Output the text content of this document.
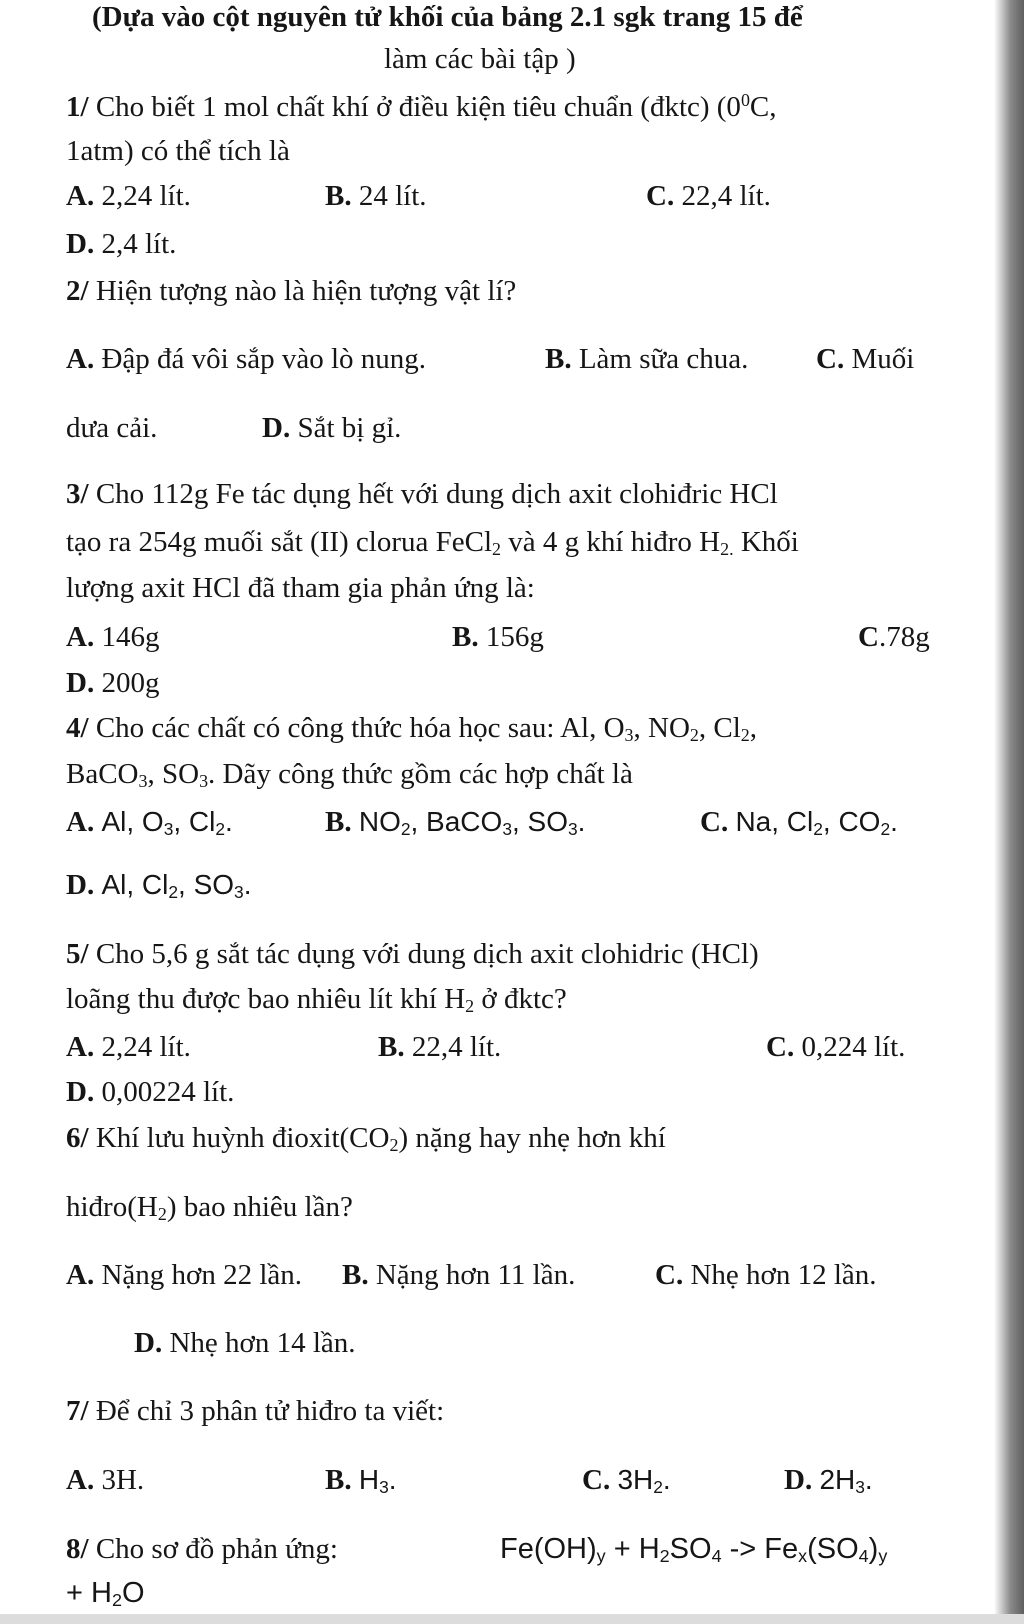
(Dựa vào cột nguyên tử khối của bảng 2.1 sgk trang 15 để
làm các bài tập )
1/ Cho biết 1 mol chất khí ở điều kiện tiêu chuẩn (đktc) ($0^0C$,
1atm) có thể tích là
A. 2,24 lít.	B. 24 lít.	C. 22,4 lít.
D. 2,4 lít.
2/ Hiện tượng nào là hiện tượng vật lí?
A. Đập đá vôi sắp vào lò nung.	B. Làm sữa chua. C. Muối
dưa cải.	D. Sắt bị gỉ.
3/ Cho 112g Fe tác dụng hết với dung dịch axit clohiđric HCl
tạo ra 254g muối sắt (II) clorua FeCl$_2$ và 4 g khí hiđro $H_{2.}$ Khối
lượng axit HCl đã tham gia phản ứng là:
A. 146g	B. 156g	C.78g
D. 200g
4/ Cho các chất có công thức hóa học sau: Al, $O_3$, $NO_2$, $Cl_2$,
BaCO$_3$, $SO_3$. Dãy công thức gồm các hợp chất là
A. Al, $O_3$, $Cl_2$.	B. $NO_2$, BaCO$_3$, $SO_3$.	C. Na, $Cl_2$, $CO_2$.
D. Al, $Cl_2$, $SO_3$.
5/ Cho 5,6 g sắt tác dụng với dung dịch axit clohidric (HCl)
loãng thu được bao nhiêu lít khí $H_2$ ở đktc?
A. 2,24 lít.	B. 22,4 lít.	C. 0,224 lít.
D. 0,00224 lít.
6/ Khí lưu huỳnh $đioxit(CO_2)$ nặng hay nhẹ hơn khí
$hiđro(H_2)$ bao nhiêu lần?
A. Nặng hơn 22 lần. B. Nặng hơn 11 lần.	C. Nhẹ hơn 12 lần.
D. Nhẹ hơn 14 lần.
7/ Để chỉ 3 phân tử hiđro ta viết:
A. 3H.	B. $H_3$.	C. $3H_2$.	D. $2H_3$.
8/ Cho sơ đồ phản ứng:	$Fe(OH)_y + H_2SO_4 -> Fe_x(SO_4)_y$
+ $H_2O$
